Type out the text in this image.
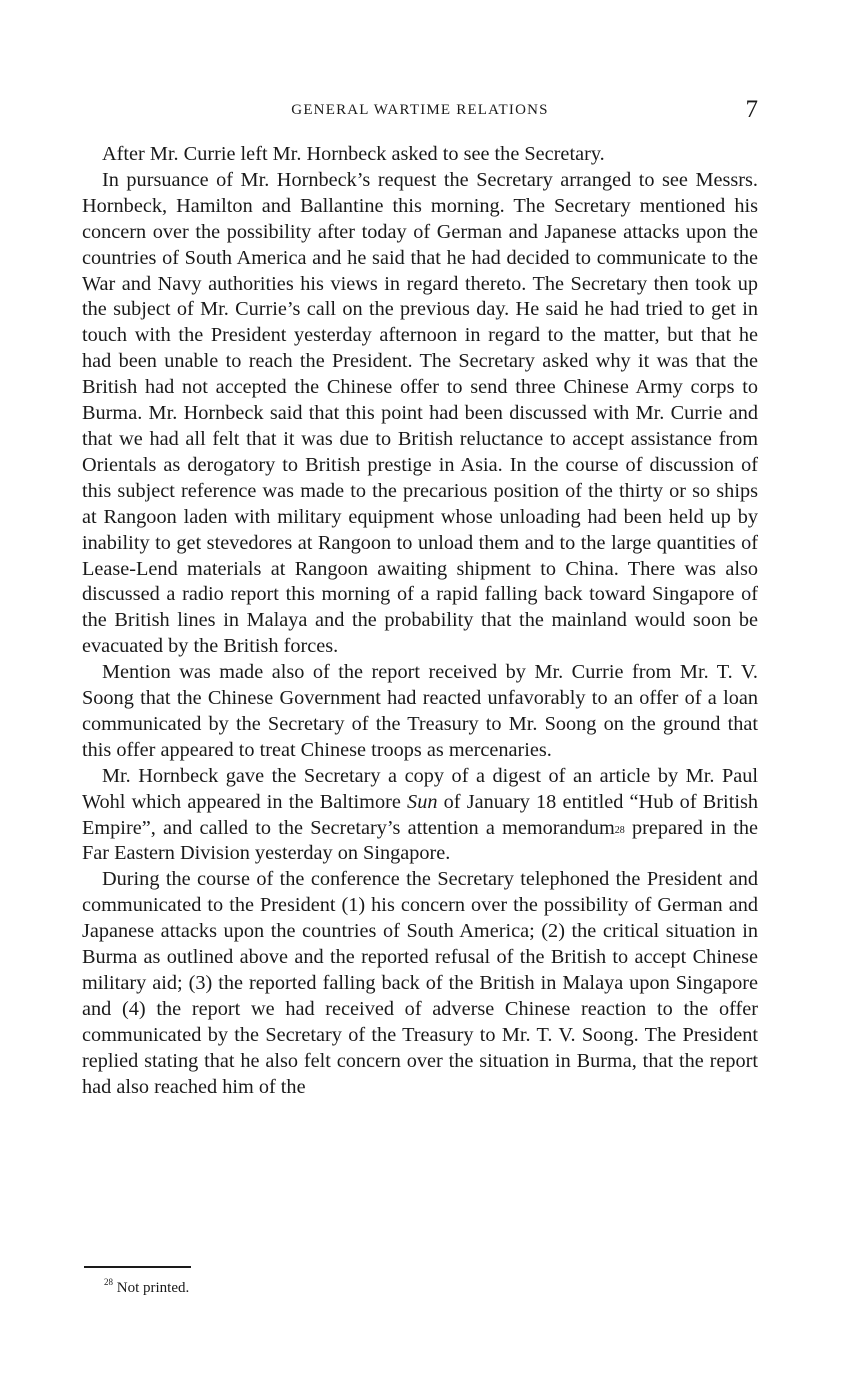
GENERAL WARTIME RELATIONS	7

After Mr. Currie left Mr. Hornbeck asked to see the Secretary.

In pursuance of Mr. Hornbeck’s request the Secretary arranged to see Messrs. Hornbeck, Hamilton and Ballantine this morning. The Secretary mentioned his concern over the possibility after today of German and Japanese attacks upon the countries of South America and he said that he had decided to communicate to the War and Navy authorities his views in regard thereto. The Secretary then took up the subject of Mr. Currie’s call on the previous day. He said he had tried to get in touch with the President yesterday afternoon in regard to the matter, but that he had been unable to reach the President. The Secretary asked why it was that the British had not accepted the Chinese offer to send three Chinese Army corps to Burma. Mr. Hornbeck said that this point had been discussed with Mr. Currie and that we had all felt that it was due to British reluctance to accept assistance from Orientals as derogatory to British prestige in Asia. In the course of discussion of this subject reference was made to the precarious position of the thirty or so ships at Rangoon laden with military equipment whose unloading had been held up by inability to get stevedores at Rangoon to unload them and to the large quantities of Lease-Lend materials at Rangoon awaiting shipment to China. There was also discussed a radio report this morning of a rapid falling back toward Singapore of the British lines in Malaya and the probability that the mainland would soon be evacuated by the British forces.

Mention was made also of the report received by Mr. Currie from Mr. T. V. Soong that the Chinese Government had reacted unfavorably to an offer of a loan communicated by the Secretary of the Treasury to Mr. Soong on the ground that this offer appeared to treat Chinese troops as mercenaries.

Mr. Hornbeck gave the Secretary a copy of a digest of an article by Mr. Paul Wohl which appeared in the Baltimore Sun of January 18 entitled “Hub of British Empire”, and called to the Secretary’s attention a memorandum$^{28}$ prepared in the Far Eastern Division yesterday on Singapore.

During the course of the conference the Secretary telephoned the President and communicated to the President (1) his concern over the possibility of German and Japanese attacks upon the countries of South America; (2) the critical situation in Burma as outlined above and the reported refusal of the British to accept Chinese military aid; (3) the reported falling back of the British in Malaya upon Singapore and (4) the report we had received of adverse Chinese reaction to the offer communicated by the Secretary of the Treasury to Mr. T. V. Soong. The President replied stating that he also felt concern over the situation in Burma, that the report had also reached him of the

$^{28}$ Not printed.
